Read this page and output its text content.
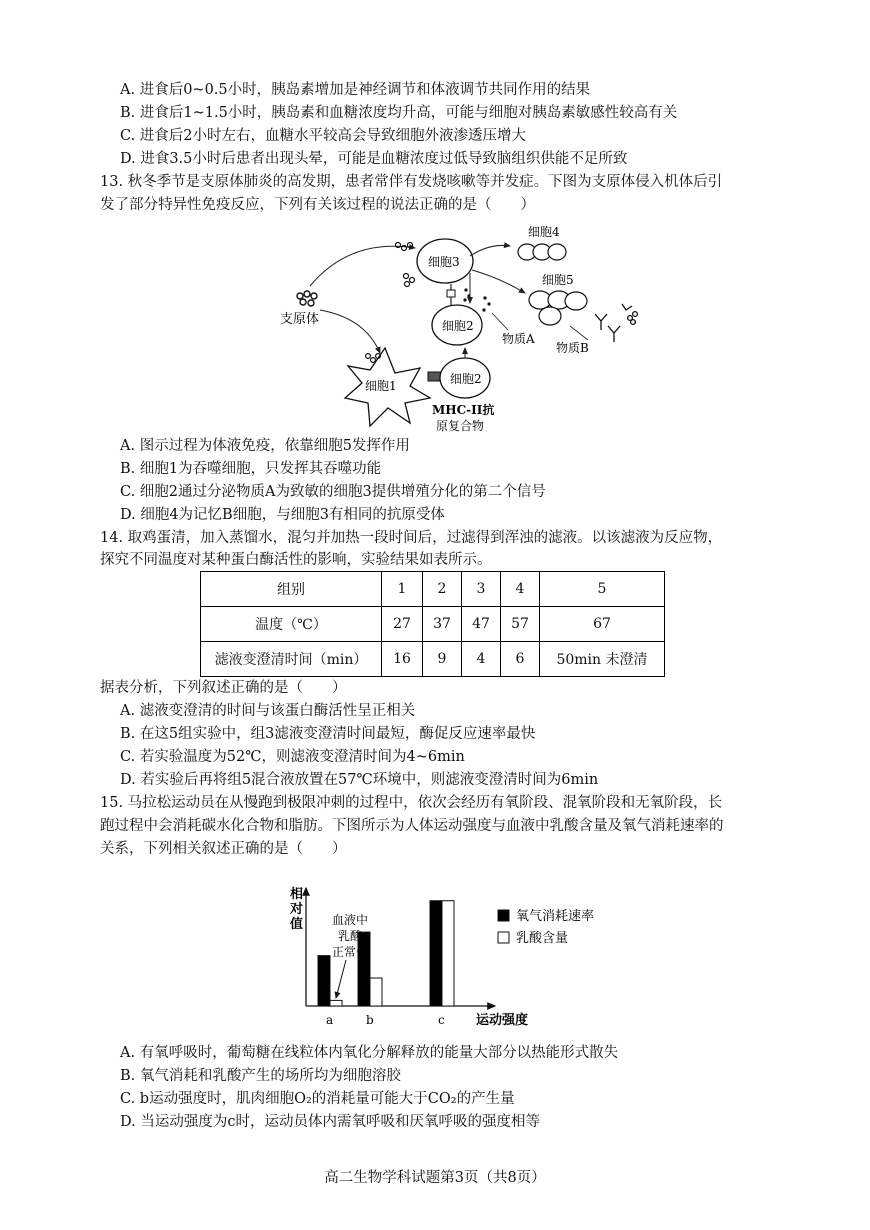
A. 进食后0~0.5小时，胰岛素增加是神经调节和体液调节共同作用的结果
B. 进食后1~1.5小时，胰岛素和血糖浓度均升高，可能与细胞对胰岛素敏感性较高有关
C. 进食后2小时左右，血糖水平较高会导致细胞外液渗透压增大
D. 进食3.5小时后患者出现头晕，可能是血糖浓度过低导致脑组织供能不足所致
13. 秋冬季节是支原体肺炎的高发期，患者常伴有发烧咳嗽等并发症。下图为支原体侵入机体后引
发了部分特异性免疫反应，下列有关该过程的说法正确的是（　　）
支原体
细胞3
细胞2
物质A
细胞4
细胞5
物质B
细胞1	细胞2
MHC-II抗
原复合物
A. 图示过程为体液免疫，依靠细胞5发挥作用
B. 细胞1为吞噬细胞，只发挥其吞噬功能
C. 细胞2通过分泌物质A为致敏的细胞3提供增殖分化的第二个信号
D. 细胞4为记忆B细胞，与细胞3有相同的抗原受体
14. 取鸡蛋清，加入蒸馏水，混匀并加热一段时间后，过滤得到浑浊的滤液。以该滤液为反应物，
探究不同温度对某种蛋白酶活性的影响，实验结果如表所示。
组别	1	2	3	4	5
温度（℃）	27	37	47	57	67
滤液变澄清时间（min）	16	9	4	6	50min 未澄清
据表分析，下列叙述正确的是（　　）
A. 滤液变澄清的时间与该蛋白酶活性呈正相关
B. 在这5组实验中，组3滤液变澄清时间最短，酶促反应速率最快
C. 若实验温度为52℃，则滤液变澄清时间为4~6min
D. 若实验后再将组5混合液放置在57℃环境中，则滤液变澄清时间为6min
15. 马拉松运动员在从慢跑到极限冲刺的过程中，依次会经历有氧阶段、混氧阶段和无氧阶段，长
跑过程中会消耗碳水化合物和脂肪。下图所示为人体运动强度与血液中乳酸含量及氧气消耗速率的
关系，下列相关叙述正确的是（　　）
相对值
运动强度
a	b	c
血液中
乳酸
正常值
氧气消耗速率
乳酸含量
A. 有氧呼吸时，葡萄糖在线粒体内氧化分解释放的能量大部分以热能形式散失
B. 氧气消耗和乳酸产生的场所均为细胞溶胶
C. b运动强度时，肌肉细胞O₂的消耗量可能大于CO₂的产生量
D. 当运动强度为c时，运动员体内需氧呼吸和厌氧呼吸的强度相等
高二生物学科试题第3页（共8页）
